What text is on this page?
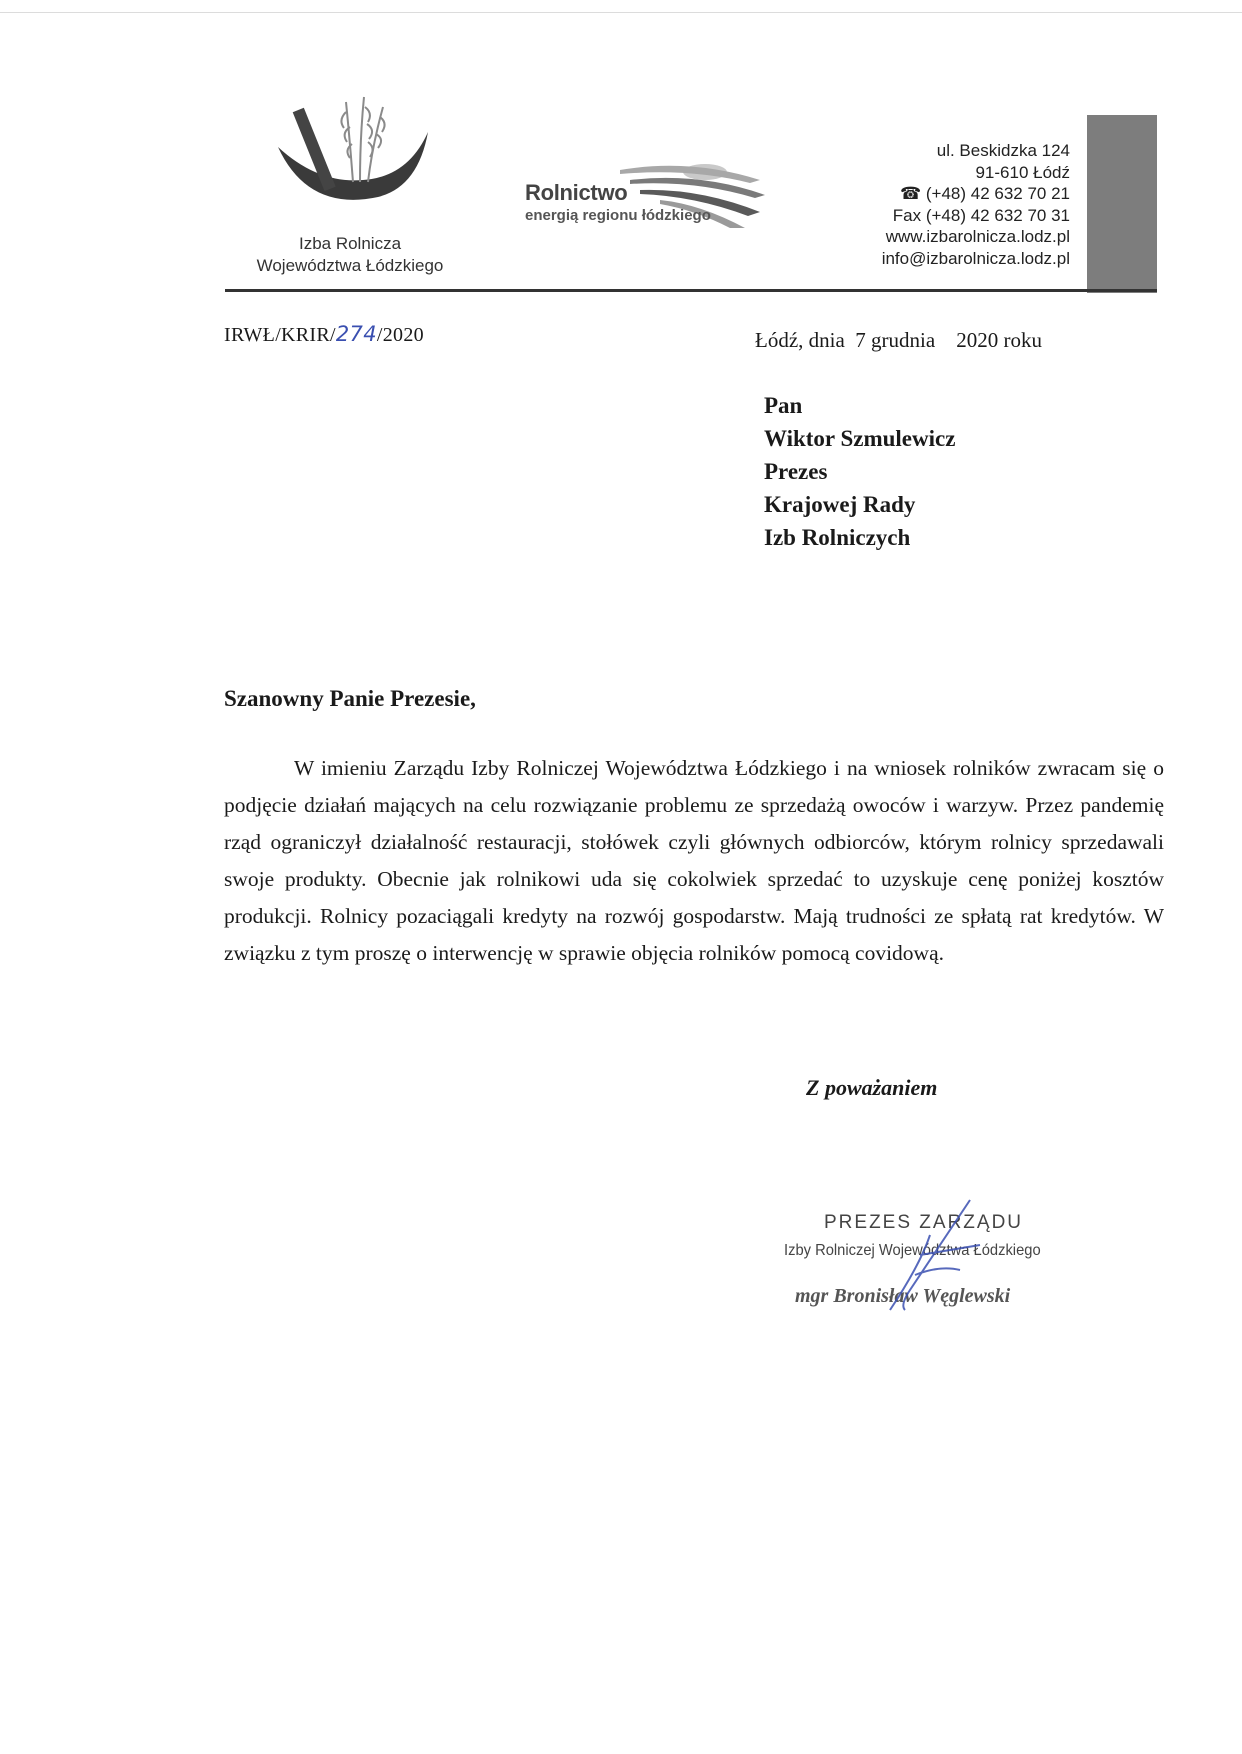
Izba Rolnicza
Województwa Łódzkiego
Rolnictwo
energią regionu łódzkiego
ul. Beskidzka 124
91-610 Łódź
☎ (+48) 42 632 70 21
Fax (+48) 42 632 70 31
www.izbarolnicza.lodz.pl
info@izbarolnicza.lodz.pl
IRWŁ/KRIR/274/2020	Łódź, dnia  7 grudnia    2020 roku
Pan
Wiktor Szmulewicz
Prezes
Krajowej Rady
Izb Rolniczych
Szanowny Panie Prezesie,
W imieniu Zarządu Izby Rolniczej Województwa Łódzkiego i na wniosek rolników zwracam się o podjęcie działań mających na celu rozwiązanie problemu ze sprzedażą owoców i warzyw. Przez pandemię rząd ograniczył działalność restauracji, stołówek czyli głównych odbiorców, którym rolnicy sprzedawali swoje produkty. Obecnie jak rolnikowi uda się cokolwiek sprzedać to uzyskuje cenę poniżej kosztów produkcji. Rolnicy pozaciągali kredyty na rozwój gospodarstw. Mają trudności ze spłatą rat kredytów. W związku z tym proszę o interwencję w sprawie objęcia rolników pomocą covidową.
Z poważaniem
PREZES ZARZĄDU
Izby Rolniczej Województwa Łódzkiego
mgr Bronisław Węglewski
